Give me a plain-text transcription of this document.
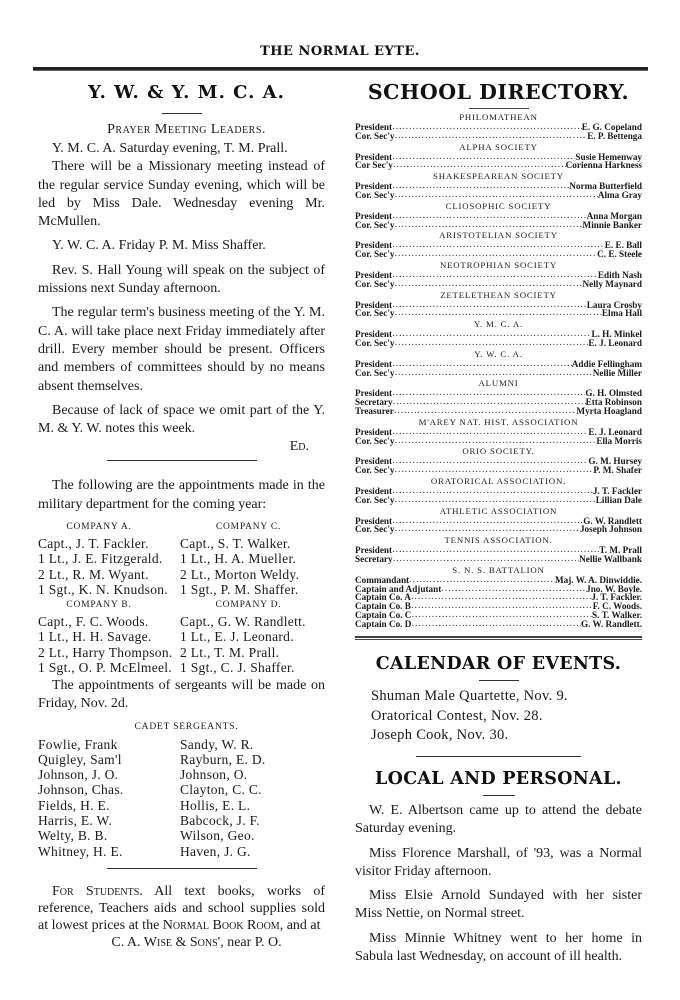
THE NORMAL EYTE.
Y. W. & Y. M. C. A.
Prayer Meeting Leaders.

Y. M. C. A. Saturday evening, T. M. Prall.

There will be a Missionary meeting instead of the regular service Sunday evening, which will be led by Miss Dale. Wednesday evening Mr. McMullen.

Y. W. C. A. Friday P. M. Miss Shaffer.

Rev. S. Hall Young will speak on the subject of missions next Sunday afternoon.

The regular term's business meeting of the Y. M. C. A. will take place next Friday immediately after drill. Every member should be present. Officers and members of committees should by no means absent themselves.

Because of lack of space we omit part of the Y. M. & Y. W. notes this week.
Ed.

The following are the appointments made in the military department for the coming year:

COMPANY A.	COMPANY C.
Capt., J. T. Fackler.	Capt., S. T. Walker.
1 Lt., J. E. Fitzgerald.	1 Lt., H. A. Mueller.
2 Lt., R. M. Wyant.	2 Lt., Morton Weldy.
1 Sgt., K. N. Knudson. 1 Sgt., P. M. Shaffer.
COMPANY B.	COMPANY D.
Capt., F. C. Woods.	Capt., G. W. Randlett.
1 Lt., H. H. Savage.	1 Lt., E. J. Leonard.
2 Lt., Harry Thompson. 2 Lt., T. M. Prall.
1 Sgt., O. P. McElmeel. 1 Sgt., C. J. Shaffer.

The appointments of sergeants will be made on Friday, Nov. 2d.

CADET SERGEANTS.
Fowlie, Frank	Sandy, W. R.
Quigley, Sam'l	Rayburn, E. D.
Johnson, J. O.	Johnson, O.
Johnson, Chas.	Clayton, C. C.
Fields, H. E.	Hollis, E. L.
Harris, E. W.	Babcock, J. F.
Welty, B. B.	Wilson, Geo.
Whitney, H. E.	Haven, J. G.

For Students. All text books, works of reference, Teachers aids and school supplies sold at lowest prices at the Normal Book Room, and at

C. A. Wise & Sons', near P. O.
SCHOOL DIRECTORY.
PHILOMATHEAN
President .....	E. G. Copeland
Cor. Sec'y .....	E. P. Bettenga
ALPHA SOCIETY
President .....	Susie Hemenway
Cor Sec'y .....	Corienna Harkness
SHAKESPEAREAN SOCIETY
President .....	Norma Butterfield
Cor. Sec'y .....	Alma Gray
CLIOSOPHIC SOCIETY
President .....	Anna Morgan
Cor. Sec'y .....	Minnie Banker
ARISTOTELIAN SOCIETY
President .....	E. E. Ball
Cor. Sec'y .....	C. E. Steele
NEOTROPHIAN SOCIETY
President .....	Edith Nash
Cor. Sec'y .....	Nelly Maynard
ZETELETHEAN SOCIETY
President .....	Laura Crosby
Cor. Sec'y .....	Elma Hall
Y. M. C. A.
President .....	L. H. Minkel
Cor. Sec'y .....	E. J. Leonard
Y. W. C. A.
President .....	Addie Fellingham
Cor. Sec'y .....	Nellie Miller
ALUMNI
President .....	G. H. Olmsted
Secretary .....	Etta Robinson
Treasurer .....	Myrta Hoagland
M'AREY NAT. HIST. ASSOCIATION
President .....	E. J. Leonard
Cor. Sec'y .....	Ella Morris
ORIO SOCIETY.
President .....	G. M. Hursey
Cor. Sec'y .....	P. M. Shafer
ORATORICAL ASSOCIATION.
President .....	J. T. Fackler
Cor. Sec'y .....	Lillian Dale
ATHLETIC ASSOCIATION
President .....	G. W. Randlett
Cor. Sec'y .....	Joseph Johnson
TENNIS ASSOCIATION.
President .....	T. M. Prall
Secretary .....	Nellie Wallbank
S. N. S. BATTALION
Commandant .....	Maj. W. A. Dinwiddie.
Captain and Adjutant .....	Jno. W. Boyle.
Captain Co. A .....	J. T. Fackler.
Captain Co. B .....	F. C. Woods.
Captain Co. C .....	S. T. Walker.
Captain Co. D .....	G. W. Randlett.
CALENDAR OF EVENTS.
Shuman Male Quartette, Nov. 9.
Oratorical Contest, Nov. 28.
Joseph Cook, Nov. 30.
LOCAL AND PERSONAL.

W. E. Albertson came up to attend the debate Saturday evening.

Miss Florence Marshall, of '93, was a Normal visitor Friday afternoon.

Miss Elsie Arnold Sundayed with her sister Miss Nettie, on Normal street.

Miss Minnie Whitney went to her home in Sabula last Wednesday, on account of ill health.
